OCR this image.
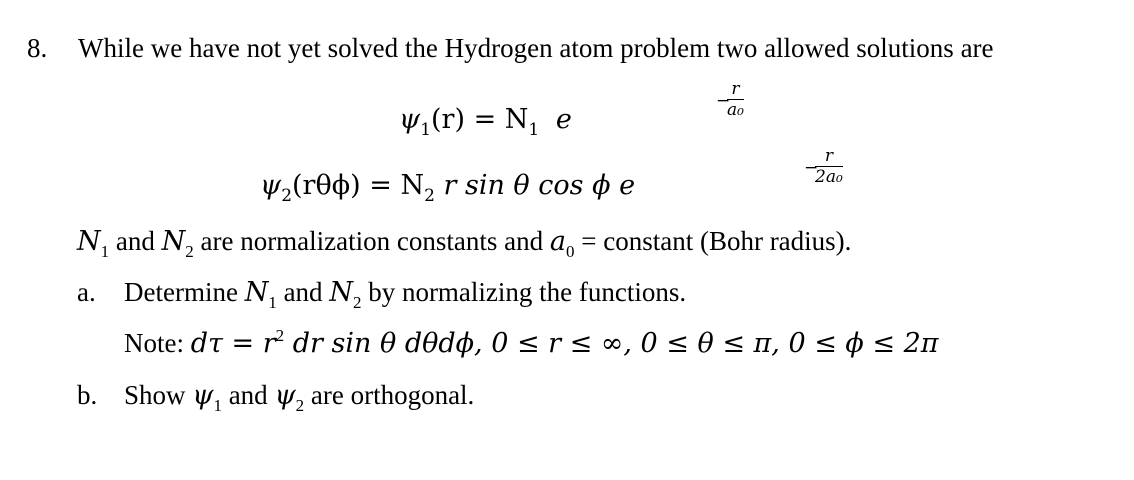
8. While we have not yet solved the Hydrogen atom problem two allowed solutions are
$\psi_1(r) = N_1$ e
−
r
a₀
$\psi_2(r\theta\phi) = N_2$ r sin θ cos ϕ e
−
r
2a₀
$N_1$ and $N_2$ are normalization constants and $a_0$ = constant (Bohr radius).
a. Determine $N_1$ and $N_2$ by normalizing the functions.
Note: $d\tau = r^2$ dr sin θ dθdϕ, 0 ≤ r ≤ ∞, 0 ≤ θ ≤ π, 0 ≤ ϕ ≤ 2π
b. Show $\psi_1$ and $\psi_2$ are orthogonal.
